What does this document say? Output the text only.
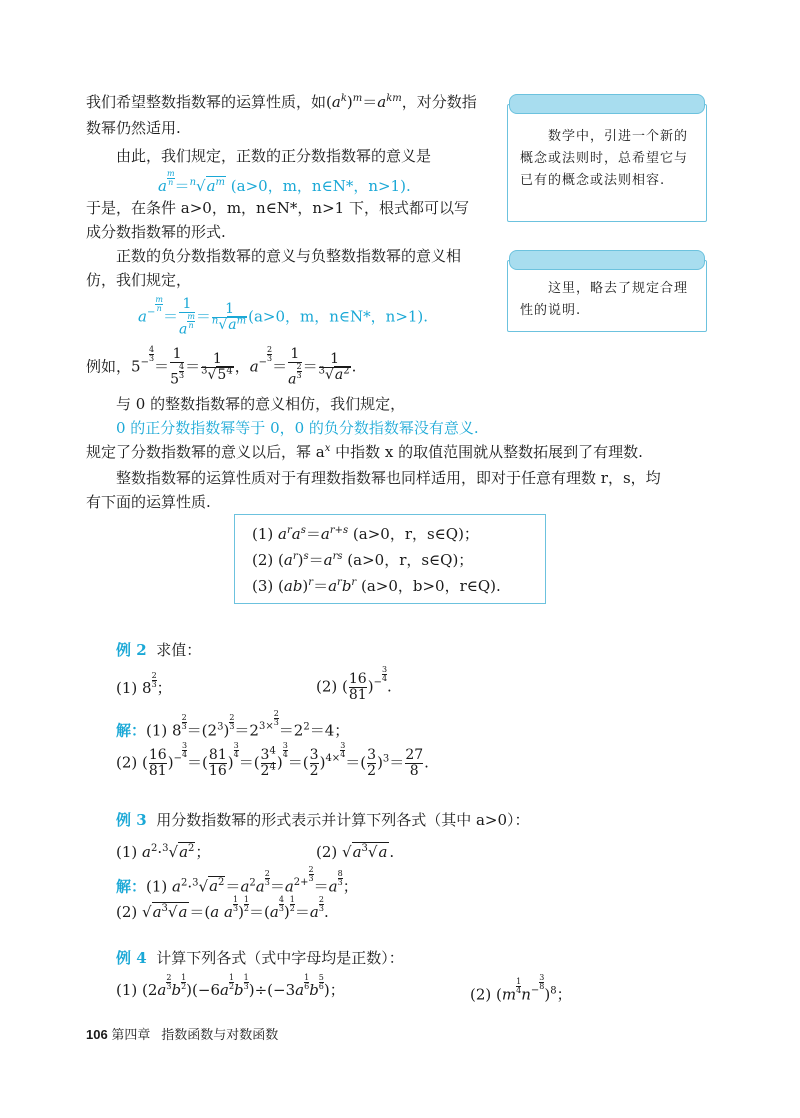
数学中，引进一个新的概念或法则时，总希望它与已有的概念或法则相容.
这里，略去了规定合理性的说明.
我们希望整数指数幂的运算性质，如$(a^k)^m=a^{km}$，对分数指
数幂仍然适用.
由此，我们规定，正数的正分数指数幂的意义是
a $\frac{m}{n} =^n√a^m$ (a>0，m，n∈N*，n>1).
于是，在条件 a>0，m，n∈N*，n>1 下，根式都可以写
成分数指数幂的形式.
正数的负分数指数幂的意义与负整数指数幂的意义相
仿，我们规定，
$a^{- \frac{m}{n}}$
＝ $\frac{1}{a \frac{m}{n}} = \frac{1}{^n√a^m} (a>0$，m，n∈N*，n>1).
例如，$5^{- \frac{4}{3}}$
＝ $\frac{1}{5 \frac{4}{3}} = \frac{1}{^3√5^4}$ ，$a^{- \frac{2}{3}}$
＝ $\frac{1}{a \frac{2}{3}} = \frac{1}{^3√a^2}$ .
与 0 的整数指数幂的意义相仿，我们规定，
0 的正分数指数幂等于 0，0 的负分数指数幂没有意义.
规定了分数指数幂的意义以后，幂 $a^x$ 中指数 x 的取值范围就从整数拓展到了有理数.
整数指数幂的运算性质对于有理数指数幂也同样适用，即对于任意有理数 r，s，均
有下面的运算性质.
(1) $a^ra^s=a^{r+s}$ (a>0，r，s∈Q)；
(2) $(a^r)^s=a^{rs}$ (a>0，r，s∈Q)；
(3) $(ab)^r=a^rb^r$ (a>0，b>0，r∈Q).
例 2 求值：
(1) $8 \frac{2}{3}$ ；	(2) ( $\frac{16}{81} )^{- \frac{3}{4}}$
.
解：(1) $8 \frac{2}{3} =(2^3) \frac{2}{3} =2^{3\times \frac{2}{3}}$
$=2^2=4$；
(2) ( $\frac{16}{81} )^{- \frac{3}{4}}$
＝( $\frac{81}{16}$ )
$^{\frac{3}{4}}$
＝( $\frac{3^4}{2^4}$ )
$^{\frac{3}{4}}$
＝( $\frac{3}{2} )^{4\times \frac{3}{4}}$
＝( $\frac{3}{2} )^3= \frac{27}{8}$ .
例 3 用分数指数幂的形式表示并计算下列各式（其中 a>0）：
(1) $a^2\cdot^3√a^2$；	(2) $√a^3√a$ .
解：(1) $a^2\cdot^3√a^2=a^2a \frac{2}{3} =a^{2+ \frac{2}{3}}$
$=a \frac{8}{3}$ ；
(2) $√a^3√a =(a$ a $\frac{1}{3}$ ) $\frac{1}{2} =(a \frac{4}{3}$ ) $\frac{1}{2} =a \frac{2}{3}$ .
例 4 计算下列各式（式中字母均是正数）：
(1) ($2a \frac{2}{3}$ b $\frac{1}{2} )(-6a \frac{1}{2}$ b $\frac{1}{3} )\div(-3a \frac{1}{6}$ b $\frac{5}{6}$ )；	(2) ($m \frac{1}{4} n^{- \frac{3}{8}}$
)$^8$；
106 第四章 指数函数与对数函数
